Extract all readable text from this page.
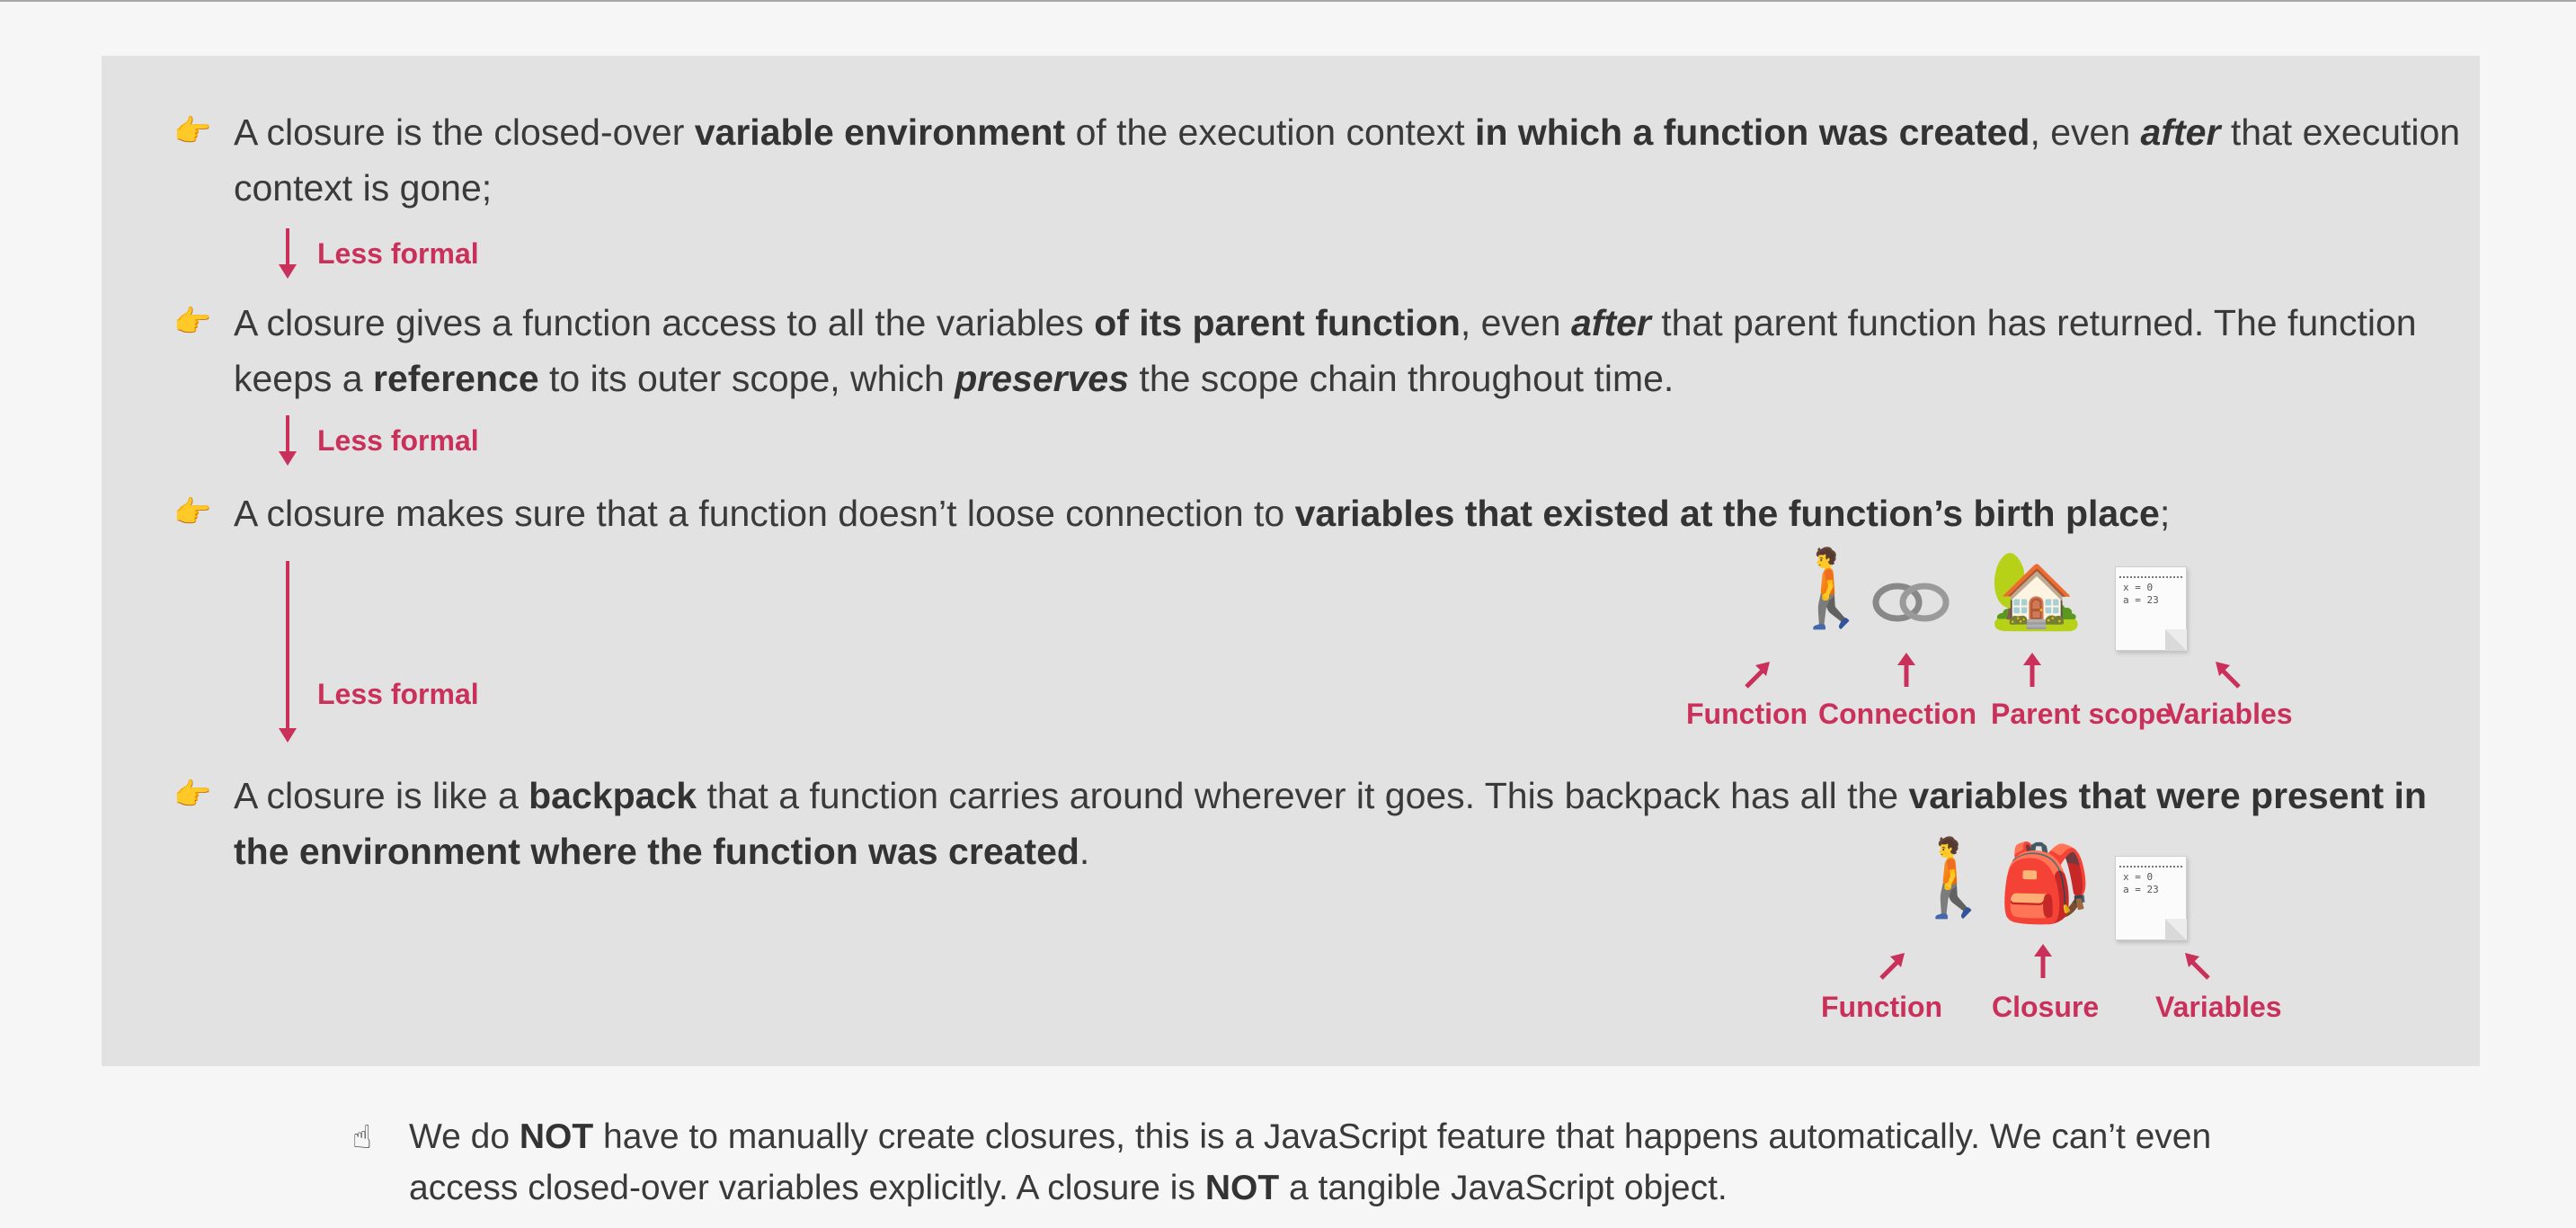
👉 A closure is the closed-over variable environment of the execution context in which a function was created, even after that execution context is gone;
Less formal
👉 A closure gives a function access to all the variables of its parent function, even after that parent function has returned. The function keeps a reference to its outer scope, which preserves the scope chain throughout time.
Less formal
👉 A closure makes sure that a function doesn’t loose connection to variables that existed at the function’s birth place;
Less formal
🚶 🏡	x = 0
a = 23
Function Connection Parent scope
Variables
👉 A closure is like a backpack that a function carries around wherever it goes. This backpack has all the variables that were present in the environment where the function was created.	🚶
🎒	x = 0
a = 23
Function Closure Variables
☝ We do NOT have to manually create closures, this is a JavaScript feature that happens automatically. We can’t even access closed-over variables explicitly. A closure is NOT a tangible JavaScript object.
